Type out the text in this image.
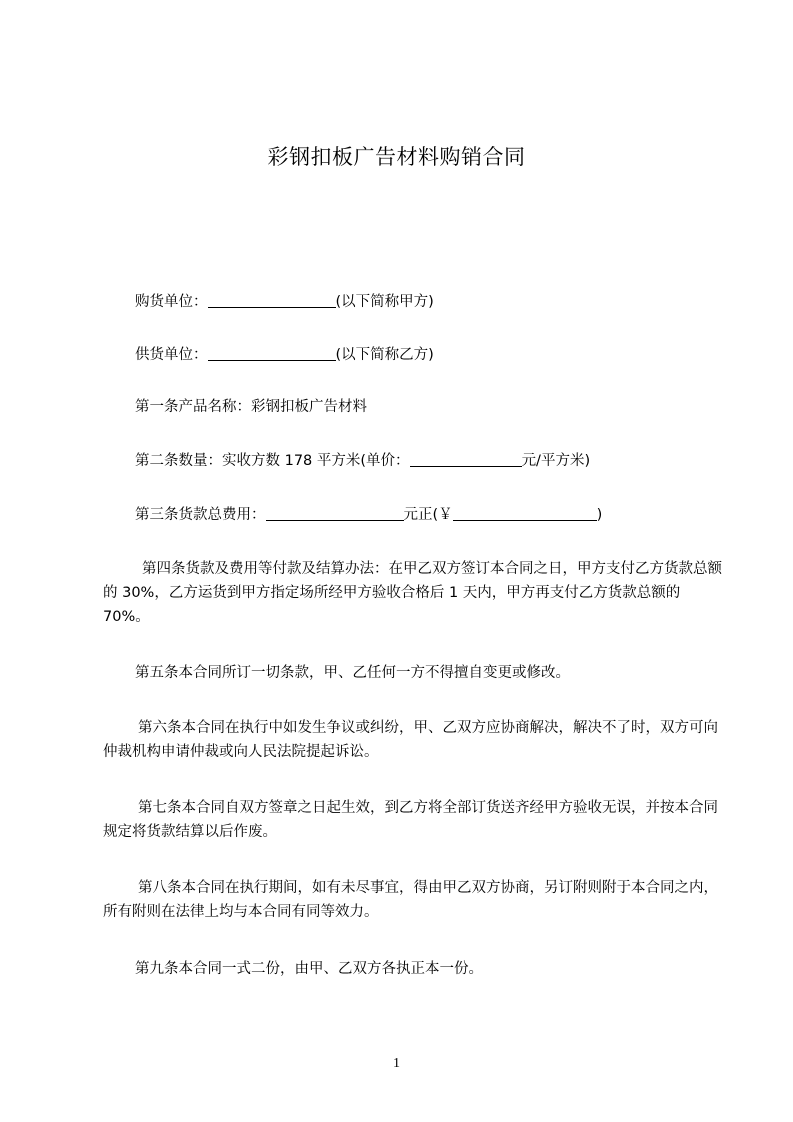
彩钢扣板广告材料购销合同
购货单位：	(以下简称甲方)
供货单位：	(以下简称乙方)
第一条产品名称：彩钢扣板广告材料
第二条数量：实收方数 178 平方米(单价：	元/平方米)
第三条货款总费用：	元正(￥	)
第四条货款及费用等付款及结算办法：在甲乙双方签订本合同之日，甲方支付乙方货款总额的 30%，乙方运货到甲方指定场所经甲方验收合格后 1 天内，甲方再支付乙方货款总额的 70%。
第五条本合同所订一切条款，甲、乙任何一方不得擅自变更或修改。
第六条本合同在执行中如发生争议或纠纷，甲、乙双方应协商解决，解决不了时，双方可向仲裁机构申请仲裁或向人民法院提起诉讼。
第七条本合同自双方签章之日起生效，到乙方将全部订货送齐经甲方验收无误，并按本合同规定将货款结算以后作废。
第八条本合同在执行期间，如有未尽事宜，得由甲乙双方协商，另订附则附于本合同之内，所有附则在法律上均与本合同有同等效力。
第九条本合同一式二份，由甲、乙双方各执正本一份。
1
